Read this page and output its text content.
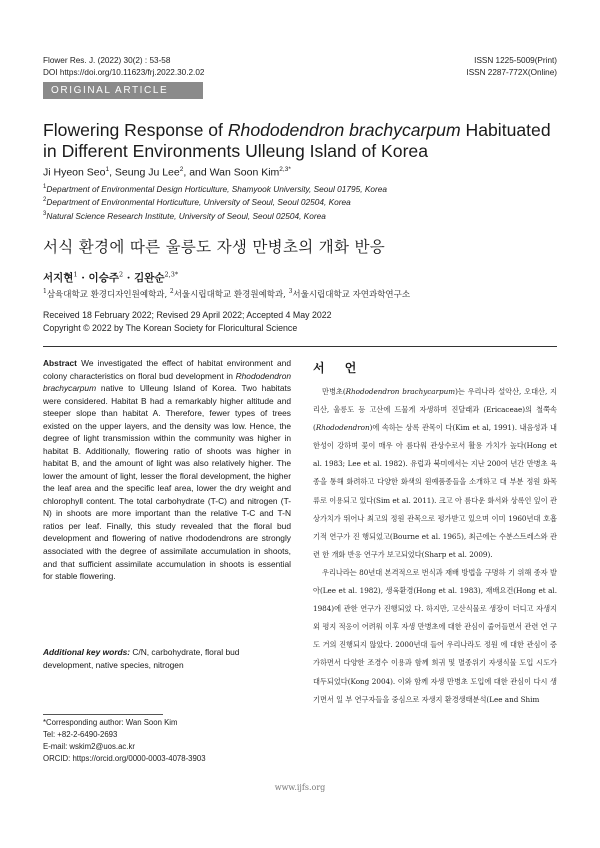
Flower Res. J. (2022) 30(2) : 53-58
DOI https://doi.org/10.11623/frj.2022.30.2.02
ISSN 1225-5009(Print)
ISSN 2287-772X(Online)
ORIGINAL ARTICLE
Flowering Response of Rhododendron brachycarpum Habituated in Different Environments Ulleung Island of Korea
Ji Hyeon Seo$^1$, Seung Ju Lee$^2$, and Wan Soon Kim$^{2,3*}$
$^1$Department of Environmental Design Horticulture, Shamyook University, Seoul 01795, Korea
$^2$Department of Environmental Horticulture, University of Seoul, Seoul 02504, Korea
$^3$Natural Science Research Institute, University of Seoul, Seoul 02504, Korea
서식 환경에 따른 울릉도 자생 만병초의 개화 반응
서지현$^1$ · 이승주$^2$ · 김완순$^{2,3*}$
$^1$삼육대학교 환경디자인원예학과, $^2$서울시립대학교 환경원예학과, $^3$서울시립대학교 자연과학연구소
Received 18 February 2022; Revised 29 April 2022; Accepted 4 May 2022
Copyright © 2022 by The Korean Society for Floricultural Science
Abstract We investigated the effect of habitat environment and colony characteristics on floral bud development in Rhododendron brachycarpum native to Ulleung Island of Korea. Two habitats were considered. Habitat B had a remarkably higher altitude and steeper slope than habitat A. Therefore, fewer types of trees existed on the upper layers, and the density was low. Hence, the degree of light transmission within the community was higher in habitat B. Additionally, flowering ratio of shoots was higher in habitat B, and the amount of light was also relatively higher. The lower the amount of light, lesser the floral development, the higher the leaf area and the specific leaf area, lower the dry weight and chlorophyll content. The total carbohydrate (T-C) and nitrogen (T-N) in shoots are more important than the relative T-C and T-N ratios per leaf. Finally, this study revealed that the floral bud development and flowering of native rhododendrons are strongly associated with the degree of assimilate accumulation in shoots, and that sufficient assimilate accumulation in shoots is essential for stable flowering.
Additional key words: C/N, carbohydrate, floral bud development, native species, nitrogen
*Corresponding author: Wan Soon Kim
Tel: +82-2-6490-2693
E-mail: wskim2@uos.ac.kr
ORCID: https://orcid.org/0000-0003-4078-3903
서 언

만병초(Rhododendron brachycarpum)는 우리나라 설악산, 오대산, 지리산, 울릉도 등 고산에 드물게 자생하며 진달래과 (Ericaceae)의 철쭉속(Rhododendron)에 속하는 상록 관목이 다(Kim et al, 1991). 내음성과 내한성이 강하며 꽃이 매우 아 름다워 관상수로서 활용 가치가 높다(Hong et al. 1983; Lee et al. 1982). 유럽과 북미에서는 지난 200여 년간 만병초 육 종을 통해 화려하고 다양한 화색의 원예품종들을 소개하고 대 부분 정원 화목류로 이용되고 있다(Sim et al. 2011). 크고 아 름다운 화서와 상록인 잎이 관상가치가 뛰어나 최고의 정원 관목으로 평가받고 있으며 이미 1960년대 호흡기적 연구가 진 행되었고(Bourne et al. 1965), 최근에는 수분스트레스와 관련 한 개화 반응 연구가 보고되었다(Sharp et al. 2009).

우리나라는 80년대 본격적으로 번식과 재배 방법을 구명하 기 위해 종자 발아(Lee et al. 1982), 생육환경(Hong et al. 1983), 재배요건(Hong et al. 1984)에 관한 연구가 진행되었 다. 하지만, 고산식물로 생장이 더디고 자생지 외 평지 적응이 어려워 이후 자생 만병초에 대한 관심이 줄어들면서 관련 연 구도 거의 진행되지 않았다. 2000년대 들어 우리나라도 정원 에 대한 관심이 증가하면서 다양한 조경수 이용과 함께 희귀 및 멸종위기 자생식물 도입 시도가 대두되었다(Kong 2004). 이와 함께 자생 만병초 도입에 대한 관심이 다시 생기면서 일 부 연구자들을 중심으로 자생지 환경생태분석(Lee and Shim

www.ijfs.org
